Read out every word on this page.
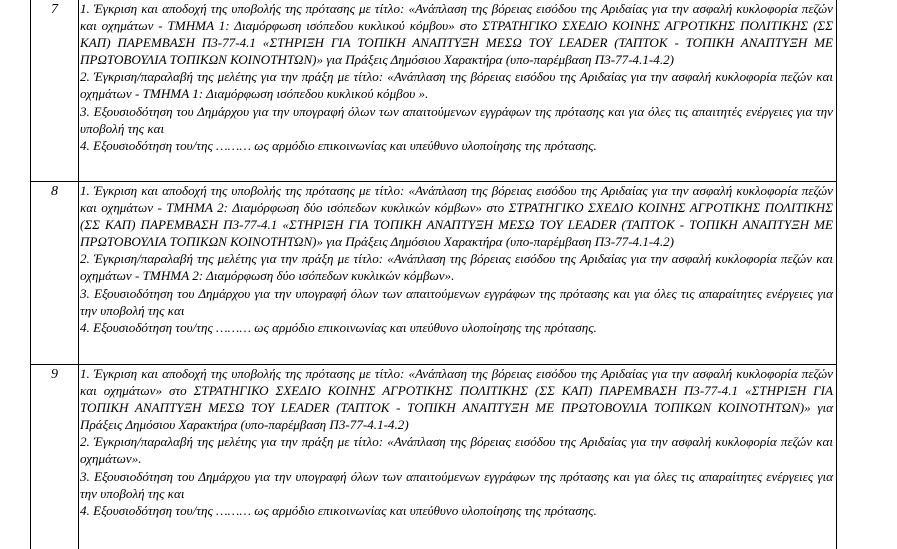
7	1. Έγκριση και αποδοχή της υποβολής της πρότασης με τίτλο: «Ανάπλαση της βόρειας εισόδου της Αριδαίας για την ασφαλή κυκλοφορία πεζών και οχημάτων - ΤΜΗΜΑ 1: Διαμόρφωση ισόπεδου κυκλικού κόμβου» στο ΣΤΡΑΤΗΓΙΚΟ ΣΧΕΔΙΟ ΚΟΙΝΗΣ ΑΓΡΟΤΙΚΗΣ ΠΟΛΙΤΙΚΗΣ (ΣΣ ΚΑΠ) ΠΑΡΕΜΒΑΣΗ Π3-77-4.1 «ΣΤΗΡΙΞΗ ΓΙΑ ΤΟΠΙΚΗ ΑΝΑΠΤΥΞΗ ΜΕΣΩ ΤΟΥ LEADER (ΤΑΠΤΟΚ - ΤΟΠΙΚΗ ΑΝΑΠΤΥΞΗ ΜΕ ΠΡΩΤΟΒΟΥΛΙΑ ΤΟΠΙΚΩΝ ΚΟΙΝΟΤΗΤΩΝ)» για Πράξεις Δημόσιου Χαρακτήρα (υπο-παρέμβαση Π3-77-4.1-4.2)

2. Έγκριση/παραλαβή της μελέτης για την πράξη με τίτλο: «Ανάπλαση της βόρειας εισόδου της Αριδαίας για την ασφαλή κυκλοφορία πεζών και οχημάτων - ΤΜΗΜΑ 1: Διαμόρφωση ισόπεδου κυκλικού κόμβου ».

3. Εξουσιοδότηση του Δημάρχου για την υπογραφή όλων των απαιτούμενων εγγράφων της πρότασης και για όλες τις απαιτητές ενέργειες για την υποβολή της και

4. Εξουσιοδότηση του/της ……… ως αρμόδιο επικοινωνίας και υπεύθυνο υλοποίησης της πρότασης.

8	1. Έγκριση και αποδοχή της υποβολής της πρότασης με τίτλο: «Ανάπλαση της βόρειας εισόδου της Αριδαίας για την ασφαλή κυκλοφορία πεζών και οχημάτων - ΤΜΗΜΑ 2: Διαμόρφωση δύο ισόπεδων κυκλικών κόμβων» στο ΣΤΡΑΤΗΓΙΚΟ ΣΧΕΔΙΟ ΚΟΙΝΗΣ ΑΓΡΟΤΙΚΗΣ ΠΟΛΙΤΙΚΗΣ (ΣΣ ΚΑΠ) ΠΑΡΕΜΒΑΣΗ Π3-77-4.1 «ΣΤΗΡΙΞΗ ΓΙΑ ΤΟΠΙΚΗ ΑΝΑΠΤΥΞΗ ΜΕΣΩ ΤΟΥ LEADER (ΤΑΠΤΟΚ - ΤΟΠΙΚΗ ΑΝΑΠΤΥΞΗ ΜΕ ΠΡΩΤΟΒΟΥΛΙΑ ΤΟΠΙΚΩΝ ΚΟΙΝΟΤΗΤΩΝ)» για Πράξεις Δημόσιου Χαρακτήρα (υπο-παρέμβαση Π3-77-4.1-4.2)

2. Έγκριση/παραλαβή της μελέτης για την πράξη με τίτλο: «Ανάπλαση της βόρειας εισόδου της Αριδαίας για την ασφαλή κυκλοφορία πεζών και οχημάτων - ΤΜΗΜΑ 2: Διαμόρφωση δύο ισόπεδων κυκλικών κόμβων».

3. Εξουσιοδότηση του Δημάρχου για την υπογραφή όλων των απαιτούμενων εγγράφων της πρότασης και για όλες τις απαραίτητες ενέργειες για την υποβολή της και

4. Εξουσιοδότηση του/της ……… ως αρμόδιο επικοινωνίας και υπεύθυνο υλοποίησης της πρότασης.

9	1. Έγκριση και αποδοχή της υποβολής της πρότασης με τίτλο: «Ανάπλαση της βόρειας εισόδου της Αριδαίας για την ασφαλή κυκλοφορία πεζών και οχημάτων» στο ΣΤΡΑΤΗΓΙΚΟ ΣΧΕΔΙΟ ΚΟΙΝΗΣ ΑΓΡΟΤΙΚΗΣ ΠΟΛΙΤΙΚΗΣ (ΣΣ ΚΑΠ) ΠΑΡΕΜΒΑΣΗ Π3-77-4.1 «ΣΤΗΡΙΞΗ ΓΙΑ ΤΟΠΙΚΗ ΑΝΑΠΤΥΞΗ ΜΕΣΩ ΤΟΥ LEADER (ΤΑΠΤΟΚ - ΤΟΠΙΚΗ ΑΝΑΠΤΥΞΗ ΜΕ ΠΡΩΤΟΒΟΥΛΙΑ ΤΟΠΙΚΩΝ ΚΟΙΝΟΤΗΤΩΝ)» για Πράξεις Δημόσιου Χαρακτήρα (υπο-παρέμβαση Π3-77-4.1-4.2)

2. Έγκριση/παραλαβή της μελέτης για την πράξη με τίτλο: «Ανάπλαση της βόρειας εισόδου της Αριδαίας για την ασφαλή κυκλοφορία πεζών και οχημάτων».

3. Εξουσιοδότηση του Δημάρχου για την υπογραφή όλων των απαιτούμενων εγγράφων της πρότασης και για όλες τις απαραίτητες ενέργειες για την υποβολή της και

4. Εξουσιοδότηση του/της ……… ως αρμόδιο επικοινωνίας και υπεύθυνο υλοποίησης της πρότασης.
